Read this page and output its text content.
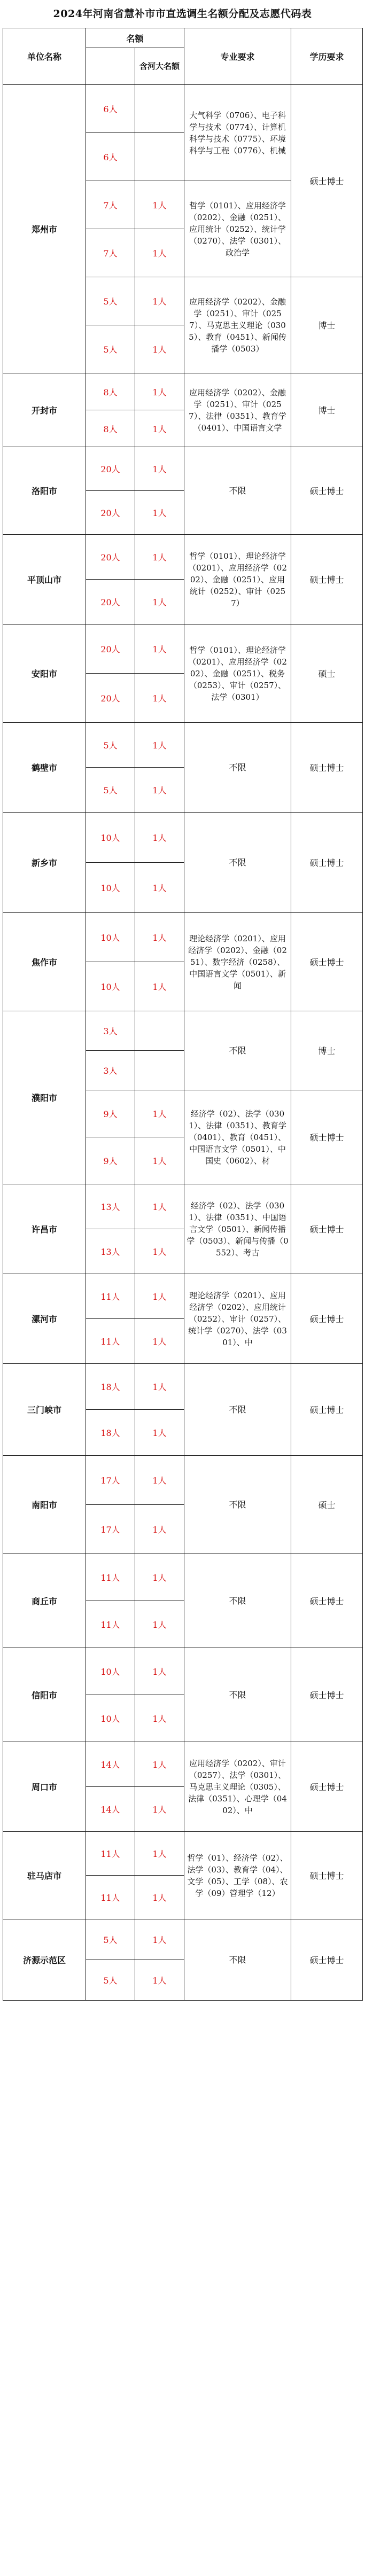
2024年河南省慧补市市直选调生名额分配及志愿代码表
单位名称	名额		专业要求	学历要求
		含河大名额		
郑州市	6人		大气科学（0706）、电子科学与技术（0774）、计算机科学与技术（0775）、环境科学与工程（0776）、机械	硕士博士
	6人			
	7人	1人	哲学（0101）、应用经济学（0202）、金融（0251）、应用统计（0252）、统计学（0270）、法学（0301）、政治学	

	7人	1人		
	5人	1人	应用经济学（0202）、金融学（0251）、审计（0257）、马克思主义理论（0305）、教育（0451）、新闻传播学（0503）	博士
	5人	1人		
开封市	8人	1人	应用经济学（0202）、金融学（0251）、审计（0257）、法律（0351）、教育学（0401）、中国语言文学	博士
	8人	1人		
洛阳市	20人	1人	不限	硕士博士
	20人	1人		
平顶山市	20人	1人	哲学（0101）、理论经济学（0201）、应用经济学（0202）、金融（0251）、应用统计（0252）、审计（0257）	硕士博士
	20人	1人		
安阳市	20人	1人	哲学（0101）、理论经济学（0201）、应用经济学（0202）、金融（0251）、税务（0253）、审计（0257）、法学（0301）	硕士
	20人	1人		
鹤壁市	5人	1人	不限	硕士博士
	5人	1人		
新乡市	10人	1人	不限	硕士博士
	10人	1人		
焦作市	10人	1人	理论经济学（0201）、应用经济学（0202）、金融（0251）、数字经济（0258）、中国语言文学（0501）、新闻	硕士博士
	10人	1人		
濮阳市	3人		不限	博士
	3人			
	9人	1人	经济学（02）、法学（0301）、法律（0351）、教育学（0401）、教育（0451）、中国语言文学（0501）、中国史（0602）、材	硕士博士
	9人	1人		
许昌市	13人	1人	经济学（02）、法学（0301）、法律（0351）、中国语言文学（0501）、新闻传播学（0503）、新闻与传播（0552）、考古	硕士博士
	13人	1人		
漯河市	11人	1人	理论经济学（0201）、应用经济学（0202）、应用统计（0252）、审计（0257）、统计学（0270）、法学（0301）、中	硕士博士
	11人	1人		
三门峡市	18人	1人	不限	硕士博士
	18人	1人		
南阳市	17人	1人	不限	硕士
	17人	1人		
商丘市	11人	1人	不限	硕士博士
	11人	1人		
信阳市	10人	1人	不限	硕士博士
	10人	1人		
周口市	14人	1人	应用经济学（0202）、审计（0257）、法学（0301）、马克思主义理论（0305）、法律（0351）、心理学（0402）、中	硕士博士
	14人	1人		
驻马店市	11人	1人	哲学（01）、经济学（02）、法学（03）、教育学（04）、文学（05）、工学（08）、农学（09）管理学（12）	硕士博士
	11人	1人		
济源示范区	5人	1人	不限	硕士博士
	5人	1人		
